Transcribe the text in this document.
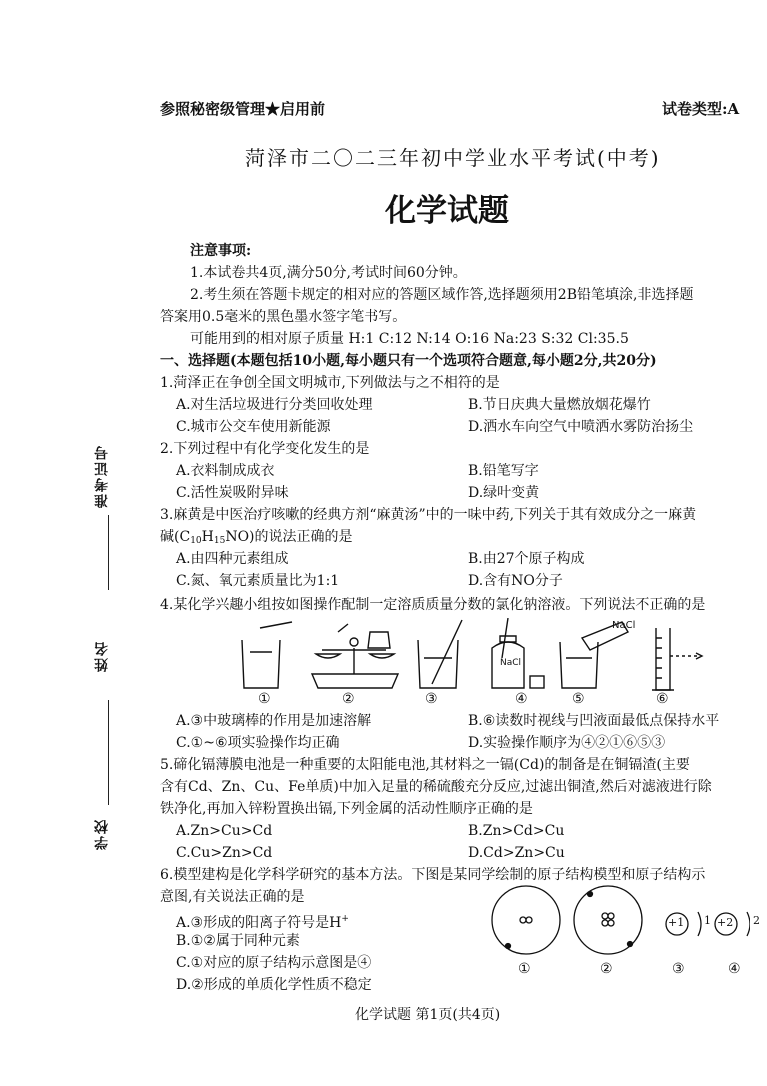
参照秘密级管理★启用前	试卷类型:A
菏泽市二〇二三年初中学业水平考试(中考)
化学试题
准考证号
姓名
学校
注意事项:
1.本试卷共4页,满分50分,考试时间60分钟。
2.考生须在答题卡规定的相对应的答题区域作答,选择题须用2B铅笔填涂,非选择题
答案用0.5毫米的黑色墨水签字笔书写。
可能用到的相对原子质量 H:1 C:12 N:14 O:16 Na:23 S:32 Cl:35.5
一、选择题(本题包括10小题,每小题只有一个选项符合题意,每小题2分,共20分)
1.菏泽正在争创全国文明城市,下列做法与之不相符的是
A.对生活垃圾进行分类回收处理	B.节日庆典大量燃放烟花爆竹
C.城市公交车使用新能源	D.洒水车向空气中喷洒水雾防治扬尘
2.下列过程中有化学变化发生的是
A.衣料制成成衣	B.铅笔写字
C.活性炭吸附异味	D.绿叶变黄
3.麻黄是中医治疗咳嗽的经典方剂“麻黄汤”中的一味中药,下列关于其有效成分之一麻黄
碱$(C_{10}H_{15}NO)$的说法正确的是
A.由四种元素组成	B.由27个原子构成
C.氮、氧元素质量比为1:1	D.含有NO分子
4.某化学兴趣小组按如图操作配制一定溶质质量分数的氯化钠溶液。下列说法不正确的是
NaCl
NaCl
①	②	③	④	⑤	⑥
A.③中玻璃棒的作用是加速溶解	B.⑥读数时视线与凹液面最低点保持水平
C.①~⑥项实验操作均正确	D.实验操作顺序为④②①⑥⑤③
5.碲化镉薄膜电池是一种重要的太阳能电池,其材料之一镉(Cd)的制备是在铜镉渣(主要
含有Cd、Zn、Cu、Fe单质)中加入足量的稀硫酸充分反应,过滤出铜渣,然后对滤液进行除
铁净化,再加入锌粉置换出镉,下列金属的活动性顺序正确的是
A.Zn>Cu>Cd	B.Zn>Cd>Cu
C.Cu>Zn>Cd	D.Cd>Zn>Cu
6.模型建构是化学科学研究的基本方法。下图是某同学绘制的原子结构模型和原子结构示
意图,有关说法正确的是
A.③形成的阳离子符号是H+
B.①②属于同种元素
C.①对应的原子结构示意图是④
D.②形成的单质化学性质不稳定
+1 1 +2 2
①	②	③	④
化学试题 第1页(共4页)
